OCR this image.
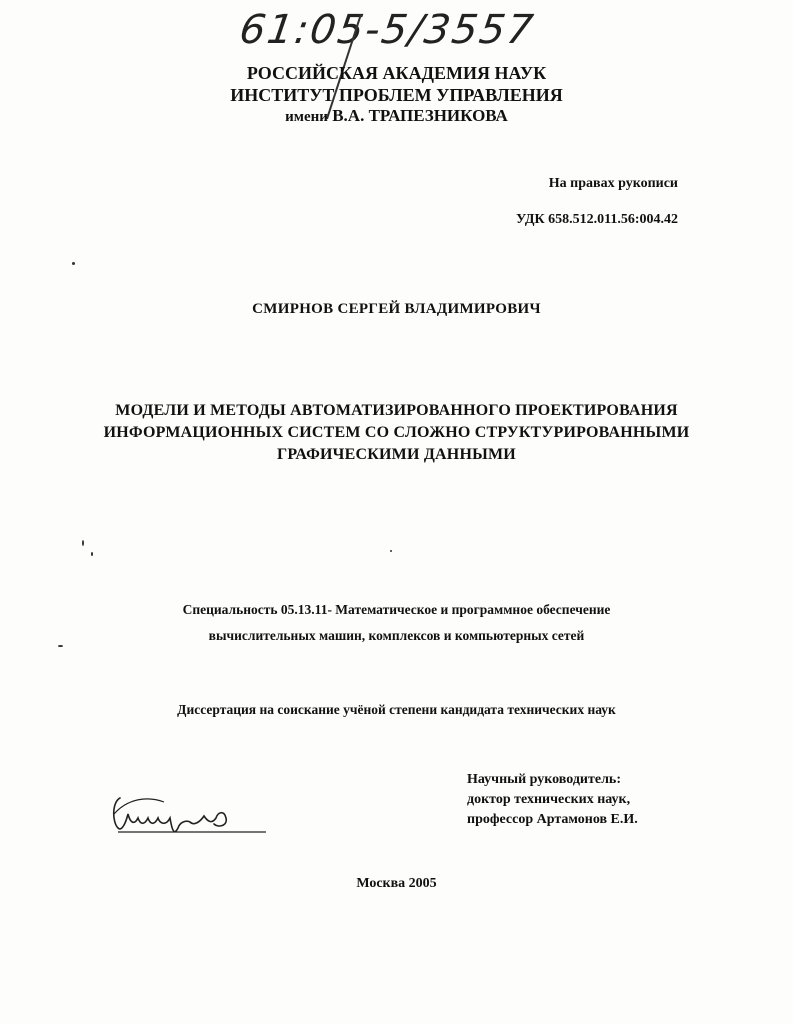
61:05-5/3557
РОССИЙСКАЯ АКАДЕМИЯ НАУК
ИНСТИТУТ ПРОБЛЕМ УПРАВЛЕНИЯ
имени В.А. ТРАПЕЗНИКОВА
На правах рукописи
УДК 658.512.011.56:004.42
СМИРНОВ СЕРГЕЙ ВЛАДИМИРОВИЧ
МОДЕЛИ И МЕТОДЫ АВТОМАТИЗИРОВАННОГО ПРОЕКТИРОВАНИЯ
ИНФОРМАЦИОННЫХ СИСТЕМ СО СЛОЖНО СТРУКТУРИРОВАННЫМИ
ГРАФИЧЕСКИМИ ДАННЫМИ
Специальность 05.13.11- Математическое и программное обеспечение
вычислительных машин, комплексов и компьютерных сетей
Диссертация на соискание учёной степени кандидата технических наук
Научный руководитель:
доктор технических наук,
профессор Артамонов Е.И.
Москва 2005
